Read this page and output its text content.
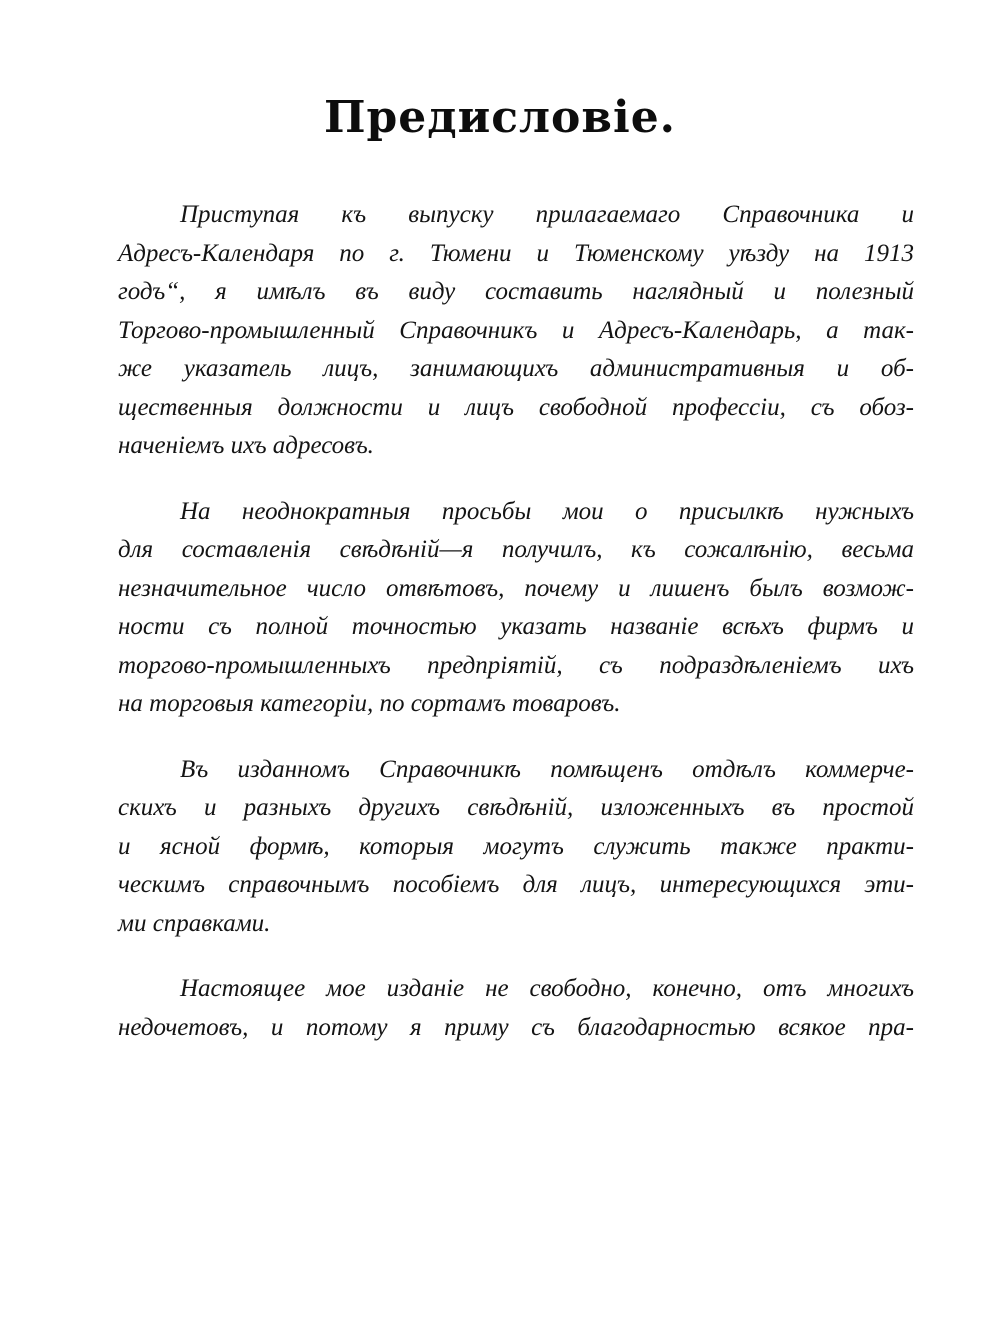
Предисловіе.
Приступая къ выпуску прилагаемаго Справочника и
Адресъ-Календаря по г. Тюмени и Тюменскому уѣзду на 1913
годъ“, я имѣлъ въ виду составить наглядный и полезный
Торгово-промышленный Справочникъ и Адресъ-Календарь, а так-
же указатель лицъ, занимающихъ административныя и об-
щественныя должности и лицъ свободной профессіи, съ обоз-
наченіемъ ихъ адресовъ.
На неоднократныя просьбы мои о присылкѣ нужныхъ
для составленія свѣдѣній—я получилъ, къ сожалѣнію, весьма
незначительное число отвѣтовъ, почему и лишенъ былъ возмож-
ности съ полной точностью указать названіе всѣхъ фирмъ и
торгово-промышленныхъ предпріятій, съ подраздѣленіемъ ихъ
на торговыя категоріи, по сортамъ товаровъ.
Въ изданномъ Справочникѣ помѣщенъ отдѣлъ коммерче-
скихъ и разныхъ другихъ свѣдѣній, изложенныхъ въ простой
и ясной формѣ, которыя могутъ служить также практи-
ческимъ справочнымъ пособіемъ для лицъ, интересующихся эти-
ми справками.
Настоящее мое изданіе не свободно, конечно, отъ многихъ
недочетовъ, и потому я приму съ благодарностью всякое пра-
